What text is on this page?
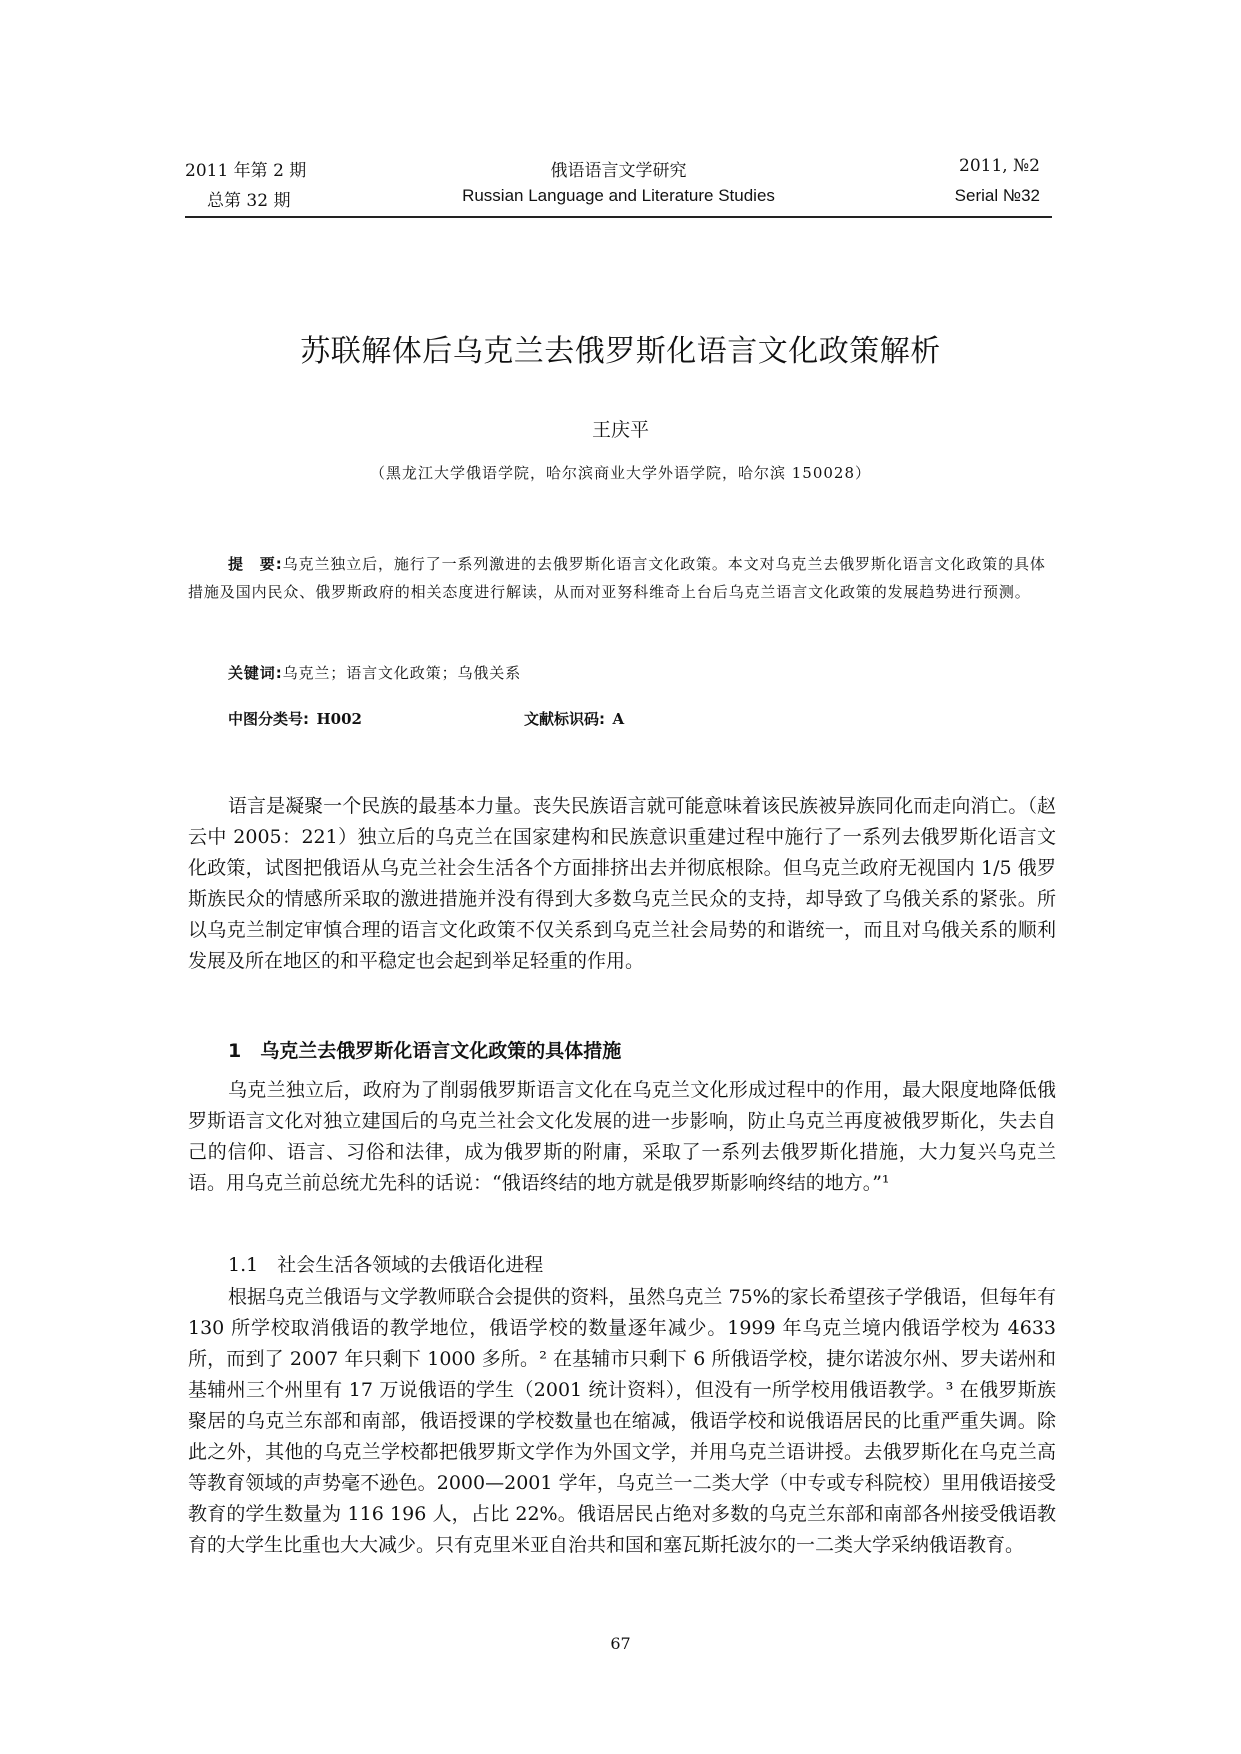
2011 年第 2 期	俄语语言文学研究	2011, №2
总第 32 期	Russian Language and Literature Studies	Serial №32
苏联解体后乌克兰去俄罗斯化语言文化政策解析
王庆平
（黑龙江大学俄语学院，哈尔滨商业大学外语学院，哈尔滨 150028）

提　要:乌克兰独立后，施行了一系列激进的去俄罗斯化语言文化政策。本文对乌克兰去俄罗斯化语言文化政策的具体措施及国内民众、俄罗斯政府的相关态度进行解读，从而对亚努科维奇上台后乌克兰语言文化政策的发展趋势进行预测。

关键词:乌克兰；语言文化政策；乌俄关系
中图分类号:  H002	文献标识码:  A

语言是凝聚一个民族的最基本力量。丧失民族语言就可能意味着该民族被异族同化而走向消亡。（赵云中 2005：221）独立后的乌克兰在国家建构和民族意识重建过程中施行了一系列去俄罗斯化语言文化政策，试图把俄语从乌克兰社会生活各个方面排挤出去并彻底根除。但乌克兰政府无视国内 1/5 俄罗斯族民众的情感所采取的激进措施并没有得到大多数乌克兰民众的支持，却导致了乌俄关系的紧张。所以乌克兰制定审慎合理的语言文化政策不仅关系到乌克兰社会局势的和谐统一，而且对乌俄关系的顺利发展及所在地区的和平稳定也会起到举足轻重的作用。

1　乌克兰去俄罗斯化语言文化政策的具体措施

乌克兰独立后，政府为了削弱俄罗斯语言文化在乌克兰文化形成过程中的作用，最大限度地降低俄罗斯语言文化对独立建国后的乌克兰社会文化发展的进一步影响，防止乌克兰再度被俄罗斯化，失去自己的信仰、语言、习俗和法律，成为俄罗斯的附庸，采取了一系列去俄罗斯化措施，大力复兴乌克兰语。用乌克兰前总统尤先科的话说：“俄语终结的地方就是俄罗斯影响终结的地方。”¹

1.1　社会生活各领域的去俄语化进程

根据乌克兰俄语与文学教师联合会提供的资料，虽然乌克兰 75%的家长希望孩子学俄语，但每年有 130 所学校取消俄语的教学地位，俄语学校的数量逐年减少。1999 年乌克兰境内俄语学校为 4633 所，而到了 2007 年只剩下 1000 多所。² 在基辅市只剩下 6 所俄语学校，捷尔诺波尔州、罗夫诺州和基辅州三个州里有 17 万说俄语的学生（2001 统计资料），但没有一所学校用俄语教学。³ 在俄罗斯族聚居的乌克兰东部和南部，俄语授课的学校数量也在缩减，俄语学校和说俄语居民的比重严重失调。除此之外，其他的乌克兰学校都把俄罗斯文学作为外国文学，并用乌克兰语讲授。去俄罗斯化在乌克兰高等教育领域的声势毫不逊色。2000—2001 学年，乌克兰一二类大学（中专或专科院校）里用俄语接受教育的学生数量为 116 196 人，占比 22%。俄语居民占绝对多数的乌克兰东部和南部各州接受俄语教育的大学生比重也大大减少。只有克里米亚自治共和国和塞瓦斯托波尔的一二类大学采纳俄语教育。

67
